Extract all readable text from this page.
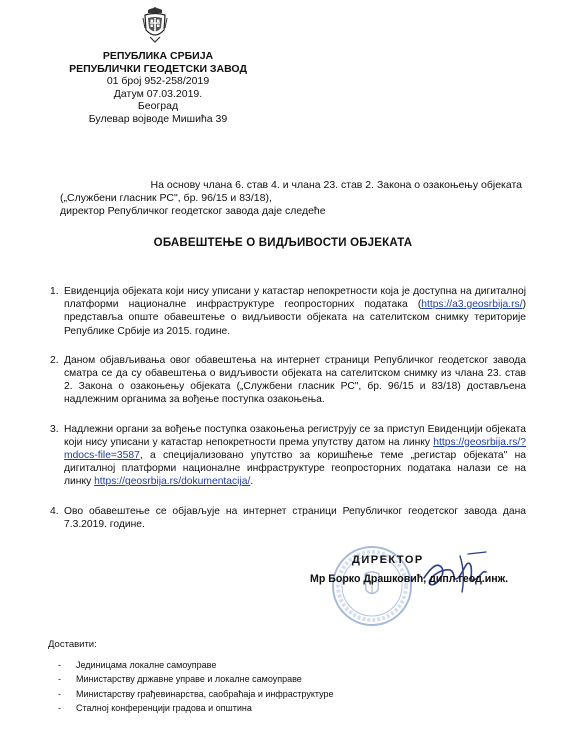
РЕПУБЛИКА СРБИЈА
РЕПУБЛИЧКИ ГЕОДЕТСКИ ЗАВОД
01 број 952-258/2019
Датум 07.03.2019.
Београд
Булевар војводе Мишића 39
На основу члана 6. став 4. и члана 23. став 2. Закона о озакоњењу објеката
(„Службени гласник РС", бр. 96/15 и 83/18),
директор Републичког геодетског завода даје следеће
ОБАВЕШТЕЊЕ О ВИДЉИВОСТИ ОБЈЕКАТА
1. Евиденција објеката који нису уписани у катастар непокретности која је доступна на дигиталној платформи националне инфраструктуре геопросторних података (https://a3.geosrbija.rs/) представља опште обавештење о видљивости објеката на сателитском снимку територије Републике Србије из 2015. године.
2. Даном објављивања овог обавештења на интернет страници Републичког геодетског завода сматра се да су обавештења о видљивости објеката на сателитском снимку из члана 23. став 2. Закона о озакоњењу објеката („Службени гласник РС", бр. 96/15 и 83/18) достављена надлежним органима за вођење поступка озакоњења.
3. Надлежни органи за вођење поступка озакоњења региструју се за приступ Евиденцији објеката који нису уписани у катастар непокретности према упутству датом на линку https://geosrbija.rs/?mdocs-file=3587, а специјализовано упутство за коришћење теме „регистар објеката" на дигиталној платформи националне инфраструктуре геопросторних података налази се на линку https://geosrbija.rs/dokumentacija/.
4. Ово обавештење се објављује на интернет страници Републичког геодетског завода дана 7.3.2019. године.
ДИРЕКТОР
Мр Борко Драшковић, дипл.геод.инж.
Доставити:
- Јединицама локалне самоуправе
- Министарству државне управе и локалне самоуправе
- Министарству грађевинарства, саобраћаја и инфраструктуре
- Сталној конференцији градова и општина
